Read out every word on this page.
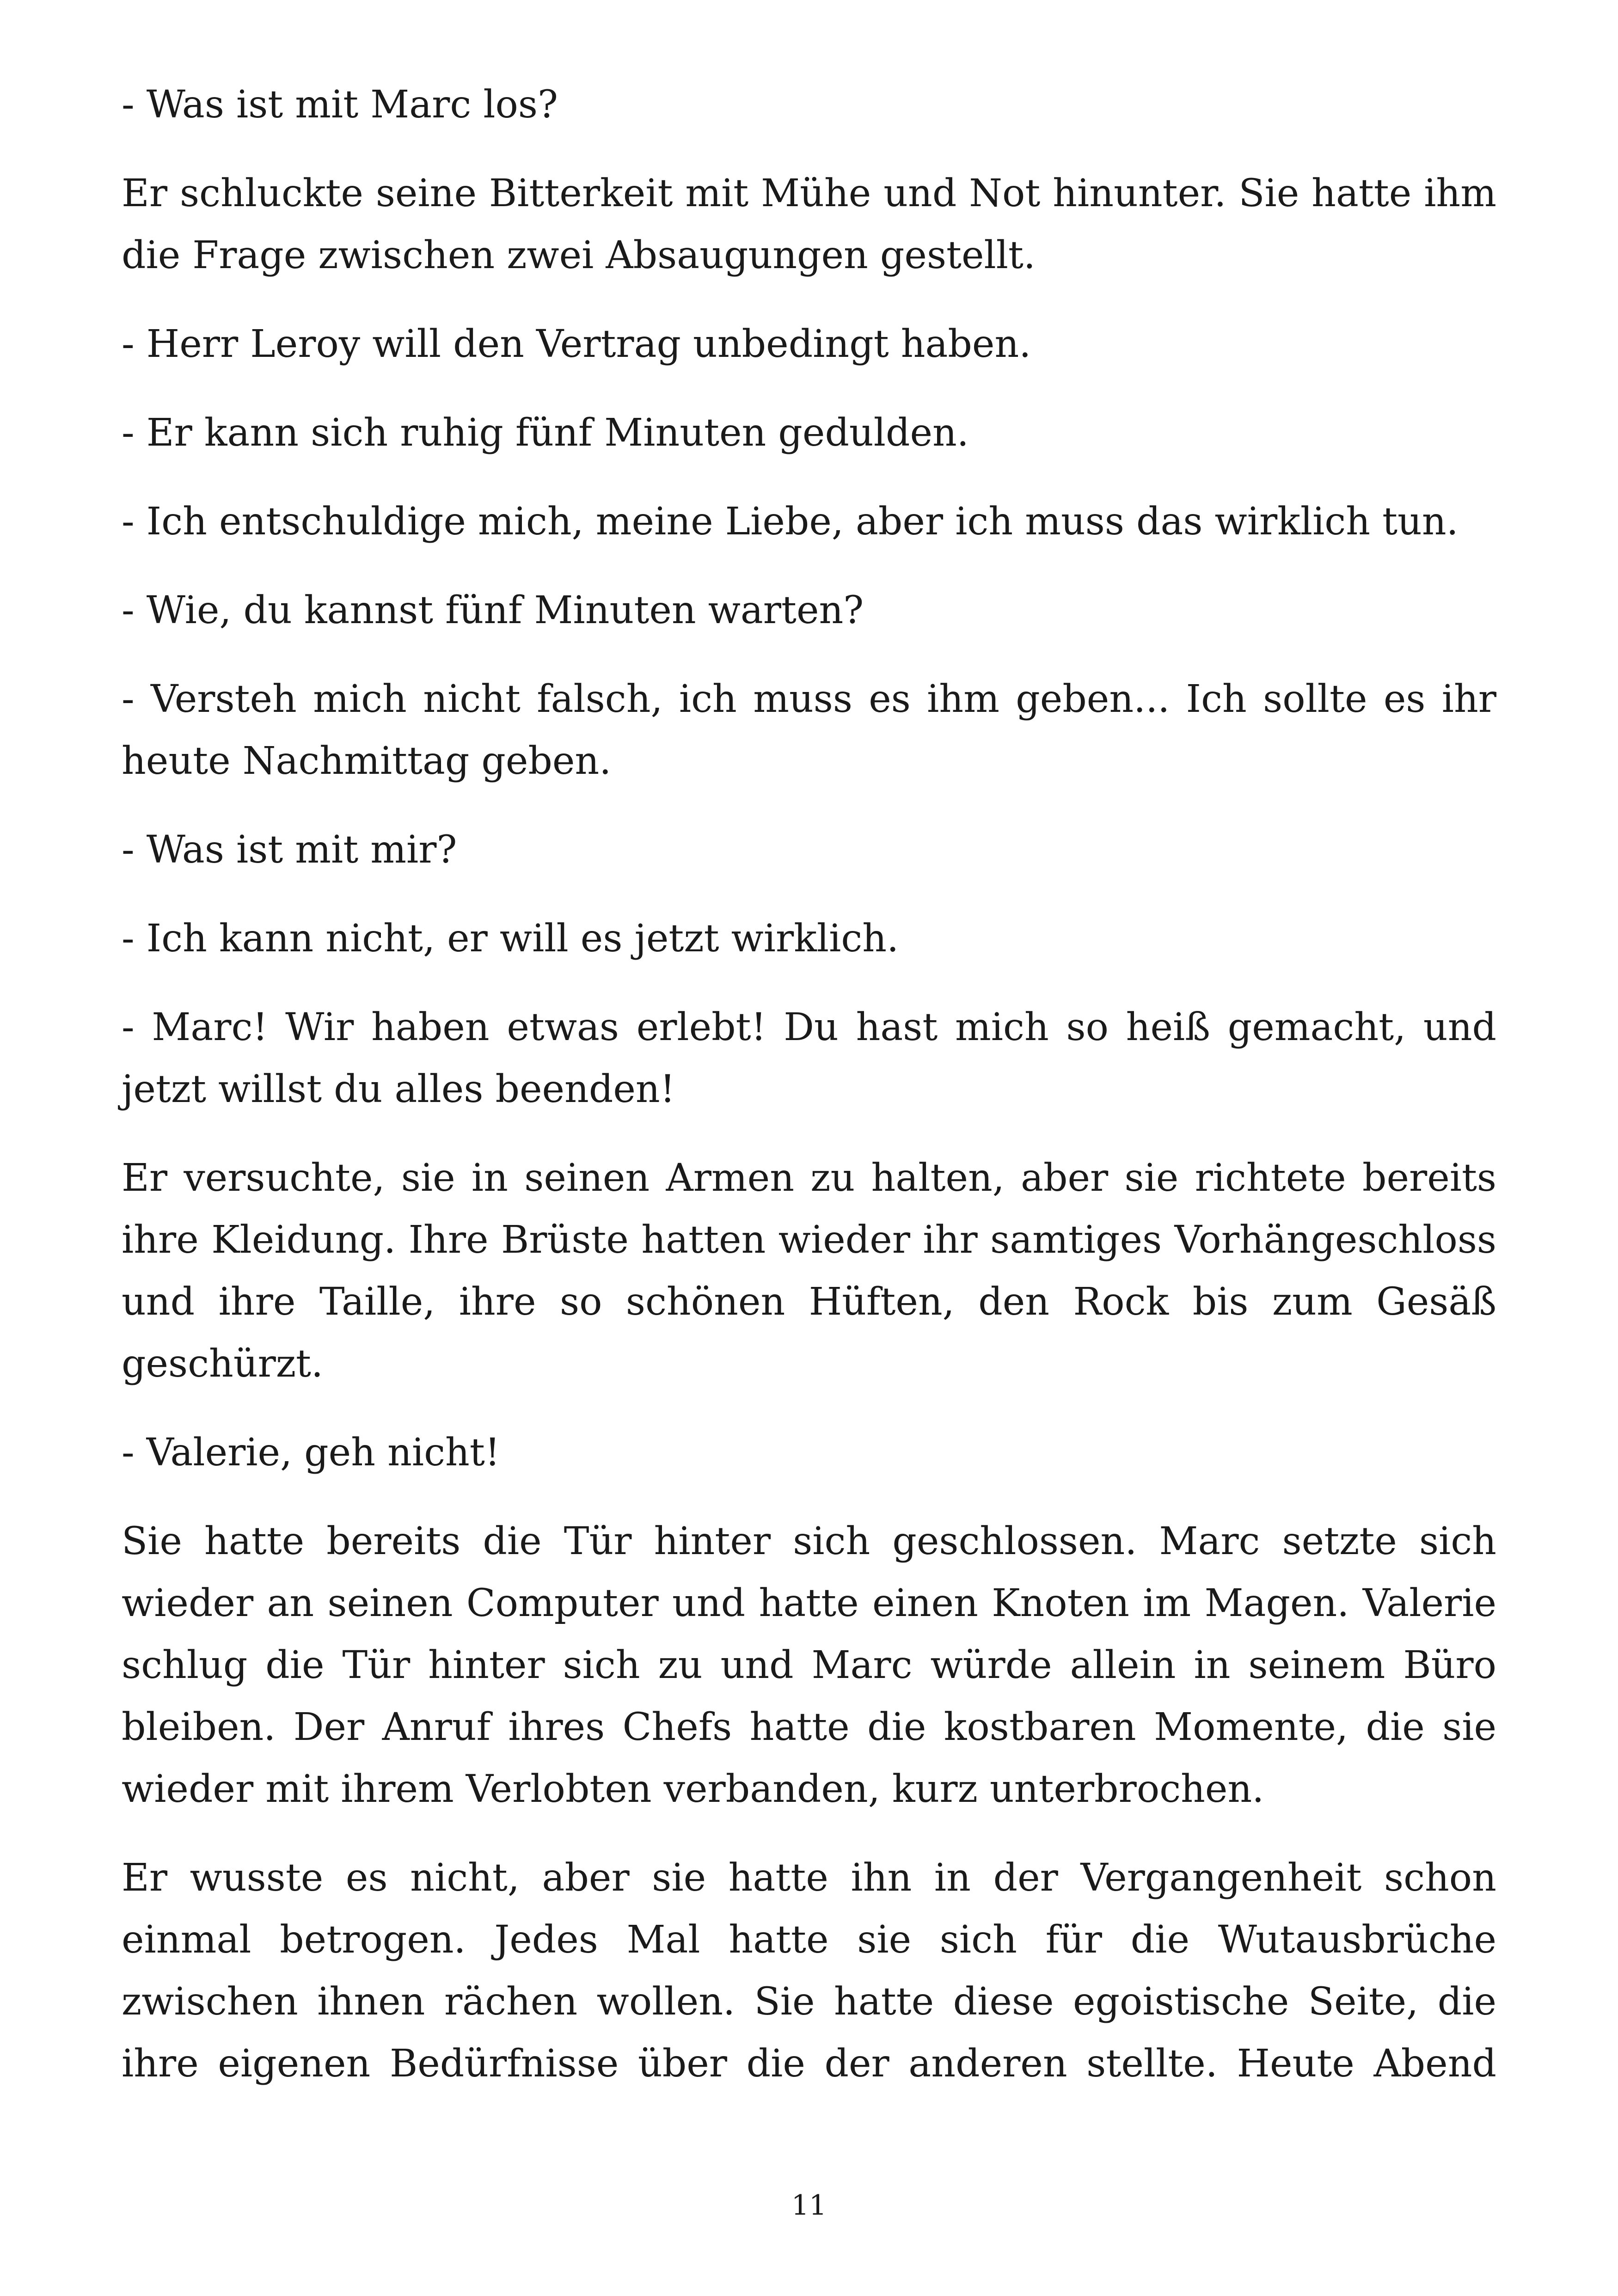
- Was ist mit Marc los?

Er schluckte seine Bitterkeit mit Mühe und Not hinunter. Sie hatte ihm die Frage zwischen zwei Absaugungen gestellt.

- Herr Leroy will den Vertrag unbedingt haben.

- Er kann sich ruhig fünf Minuten gedulden.

- Ich entschuldige mich, meine Liebe, aber ich muss das wirklich tun.

- Wie, du kannst fünf Minuten warten?

- Versteh mich nicht falsch, ich muss es ihm geben... Ich sollte es ihr heute Nachmittag geben.

- Was ist mit mir?

- Ich kann nicht, er will es jetzt wirklich.

- Marc! Wir haben etwas erlebt! Du hast mich so heiß gemacht, und jetzt willst du alles beenden!

Er versuchte, sie in seinen Armen zu halten, aber sie richtete bereits ihre Kleidung. Ihre Brüste hatten wieder ihr samtiges Vorhängeschloss und ihre Taille, ihre so schönen Hüften, den Rock bis zum Gesäß geschürzt.

- Valerie, geh nicht!

Sie hatte bereits die Tür hinter sich geschlossen. Marc setzte sich wieder an seinen Computer und hatte einen Knoten im Magen. Valerie schlug die Tür hinter sich zu und Marc würde allein in seinem Büro bleiben. Der Anruf ihres Chefs hatte die kostbaren Momente, die sie wieder mit ihrem Verlobten verbanden, kurz unterbrochen.

Er wusste es nicht, aber sie hatte ihn in der Vergangenheit schon einmal betrogen. Jedes Mal hatte sie sich für die Wutausbrüche zwischen ihnen rächen wollen. Sie hatte diese egoistische Seite, die ihre eigenen Bedürfnisse über die der anderen stellte. Heute Abend

11
